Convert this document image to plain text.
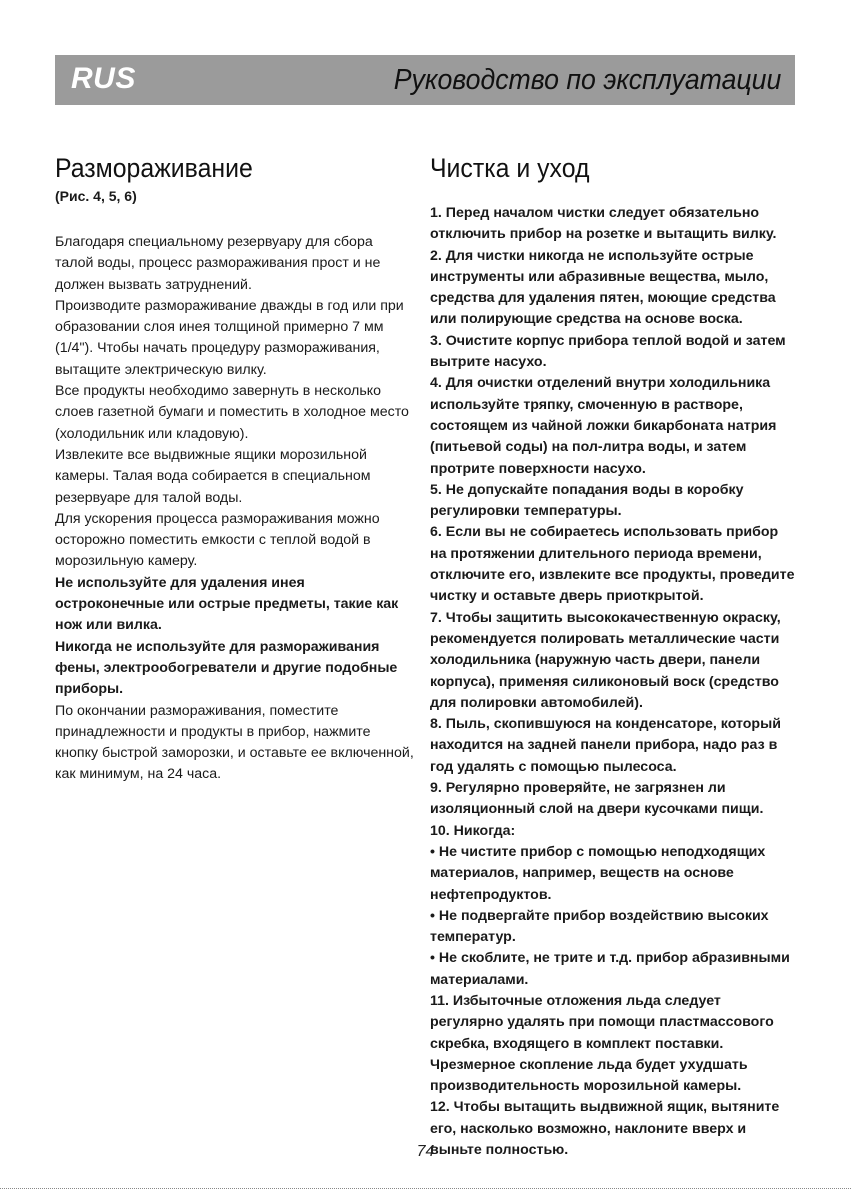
RUS	Руководство по эксплуатации
Размораживание
(Рис. 4, 5, 6)

Благодаря специальному резервуару для сбора талой воды, процесс размораживания прост и не должен вызвать затруднений.

Производите размораживание дважды в год или при образовании слоя инея толщиной примерно 7 мм (1/4"). Чтобы начать процедуру размораживания, вытащите электрическую вилку.

Все продукты необходимо завернуть в несколько слоев газетной бумаги и поместить в холодное место (холодильник или кладовую).

Извлеките все выдвижные ящики морозильной камеры. Талая вода собирается в специальном резервуаре для талой воды.

Для ускорения процесса размораживания можно осторожно поместить емкости с теплой водой в морозильную камеру.

Не используйте для удаления инея остроконечные или острые предметы, такие как нож или вилка.

Никогда не используйте для размораживания фены, электрообогреватели и другие подобные приборы.

По окончании размораживания, поместите принадлежности и продукты в прибор, нажмите кнопку быстрой заморозки, и оставьте ее включенной, как минимум, на 24 часа.

Чистка и уход

1. Перед началом чистки следует обязательно отключить прибор на розетке и вытащить вилку.

2. Для чистки никогда не используйте острые инструменты или абразивные вещества, мыло, средства для удаления пятен, моющие средства или полирующие средства на основе воска.

3. Очистите корпус прибора теплой водой и затем вытрите насухо.

4. Для очистки отделений внутри холодильника используйте тряпку, смоченную в растворе, состоящем из чайной ложки бикарбоната натрия (питьевой соды) на пол-литра воды, и затем протрите поверхности насухо.

5. Не допускайте попадания воды в коробку регулировки температуры.

6. Если вы не собираетесь использовать прибор на протяжении длительного периода времени, отключите его, извлеките все продукты, проведите чистку и оставьте дверь приоткрытой.

7. Чтобы защитить высококачественную окраску, рекомендуется полировать металлические части холодильника (наружную часть двери, панели корпуса), применяя силиконовый воск (средство для полировки автомобилей).

8. Пыль, скопившуюся на конденсаторе, который находится на задней панели прибора, надо раз в год удалять с помощью пылесоса.

9. Регулярно проверяйте, не загрязнен ли изоляционный слой на двери кусочками пищи.

10. Никогда:

• Не чистите прибор с помощью неподходящих материалов, например, веществ на основе нефтепродуктов.

• Не подвергайте прибор воздействию высоких температур.

• Не скоблите, не трите и т.д. прибор абразивными материалами.

11. Избыточные отложения льда следует регулярно удалять при помощи пластмассового скребка, входящего в комплект поставки. Чрезмерное скопление льда будет ухудшать производительность морозильной камеры.

12. Чтобы вытащить выдвижной ящик, вытяните его, насколько возможно, наклоните вверх и выньте полностью.

74
